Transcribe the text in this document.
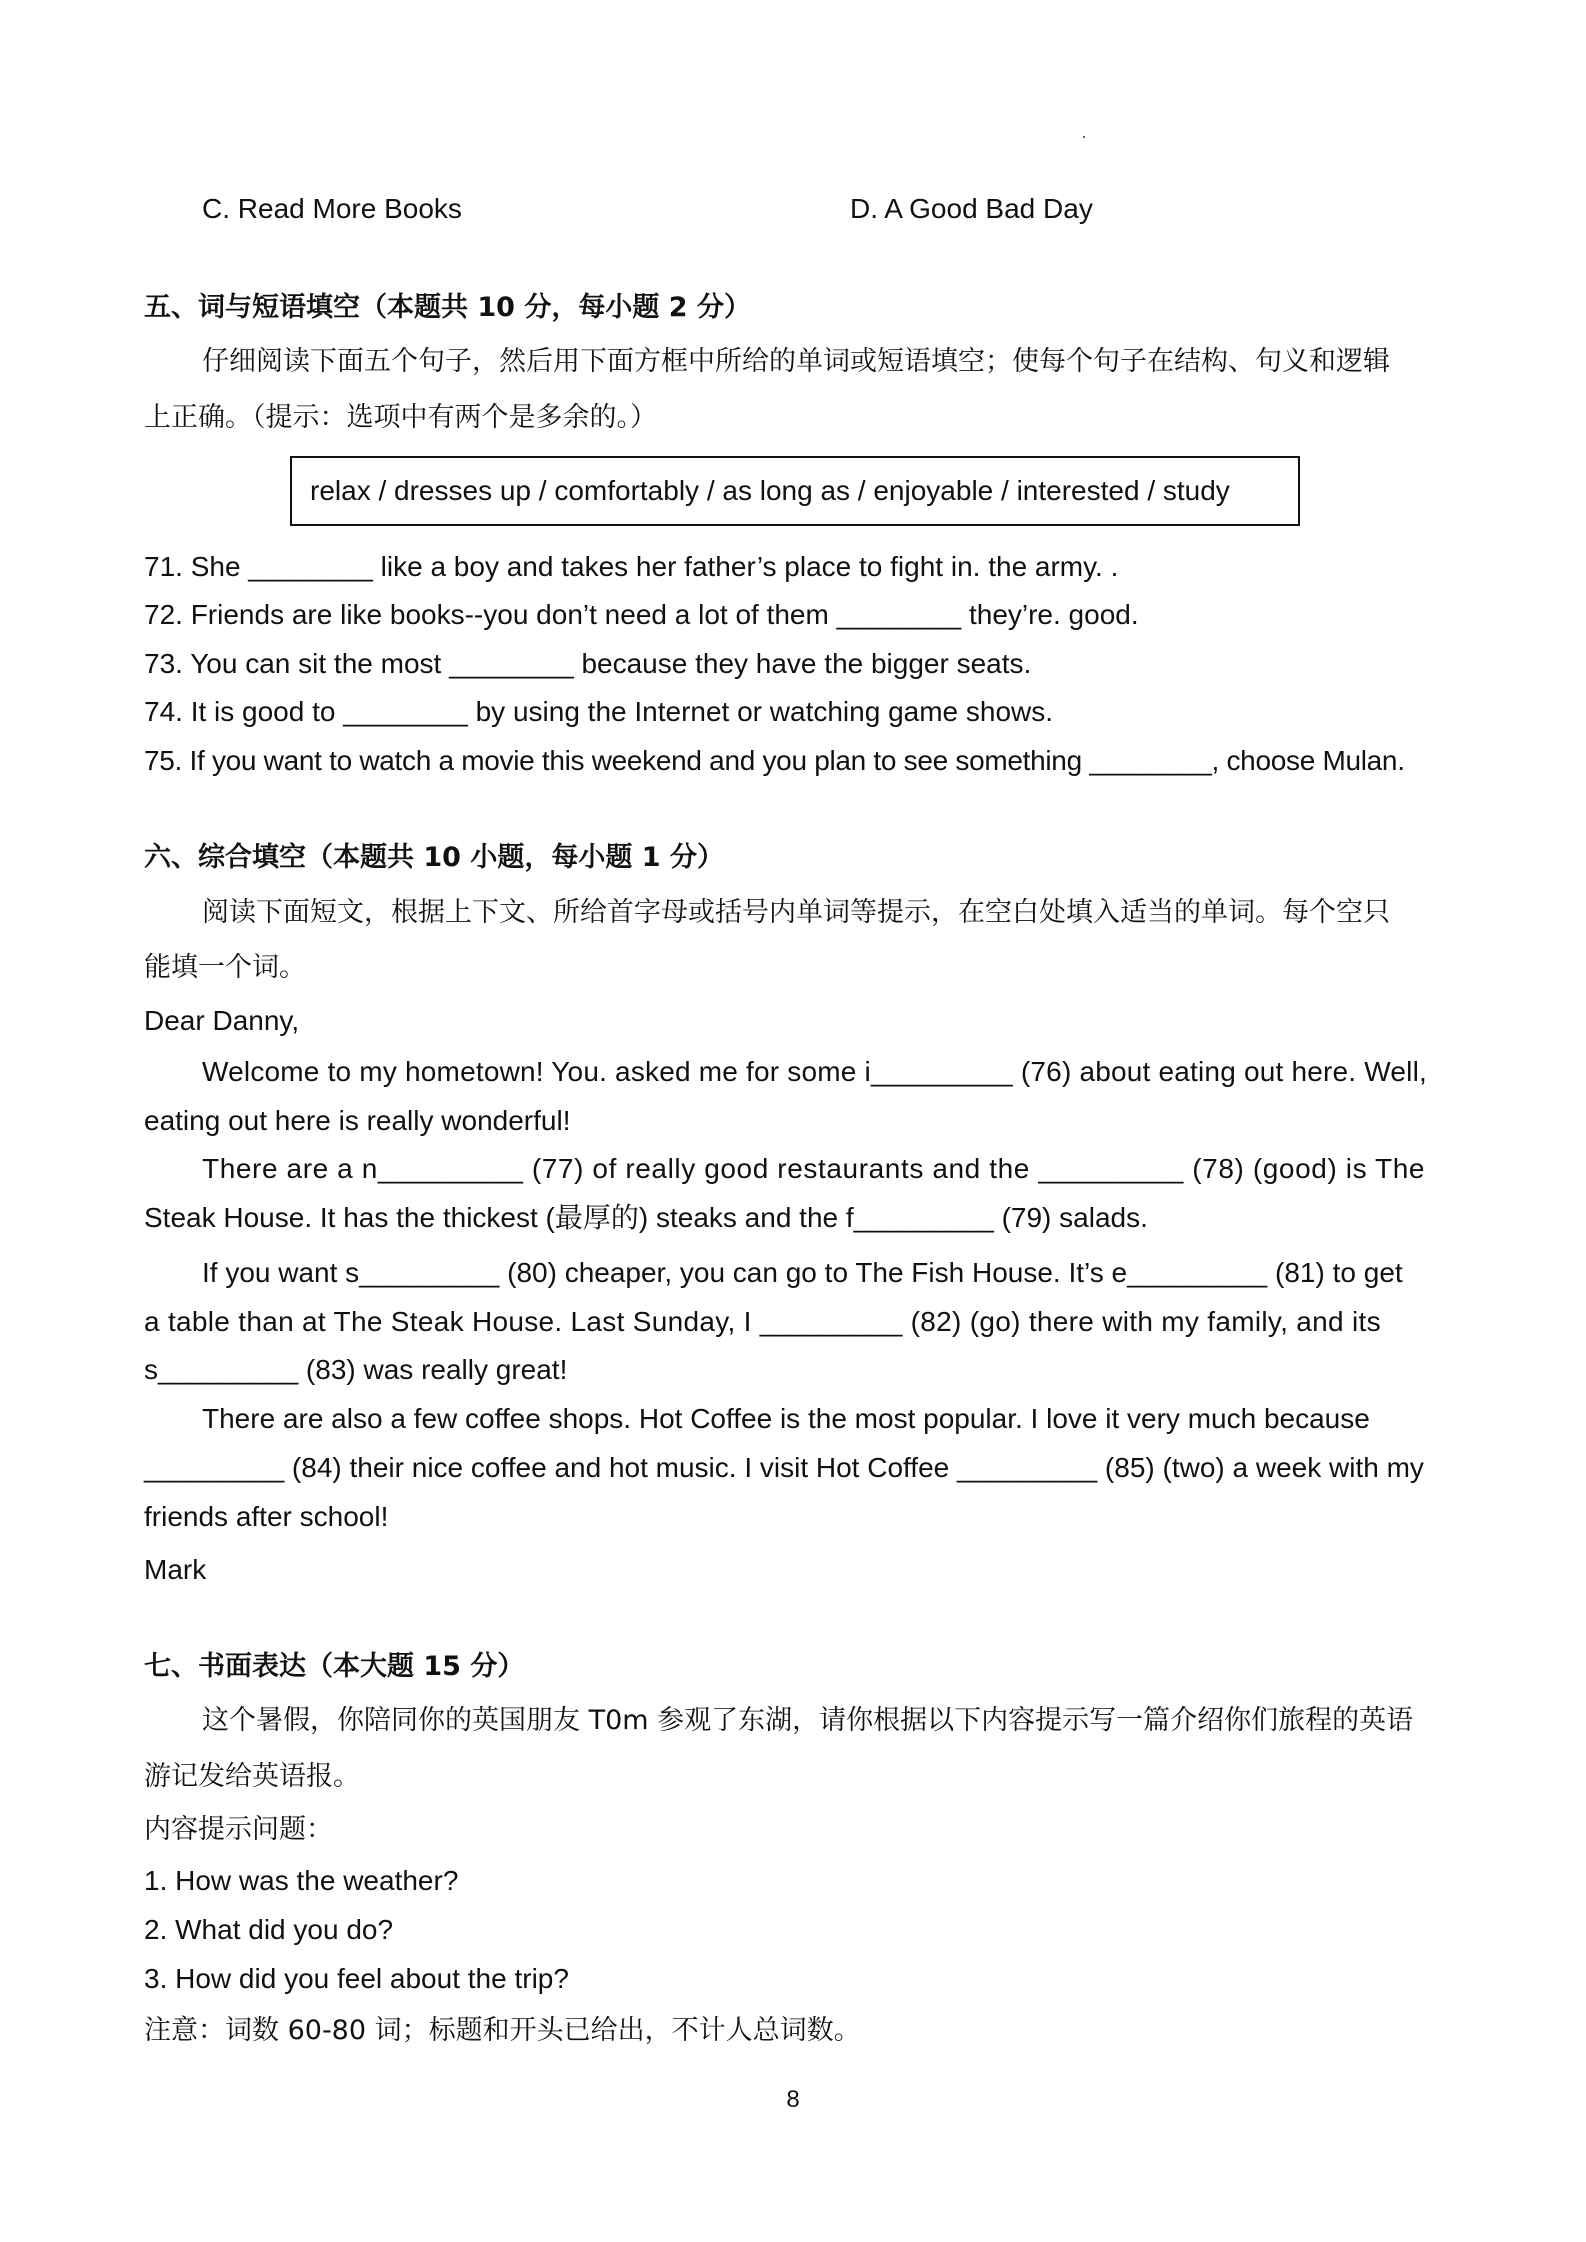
C. Read More Books	D. A Good Bad Day
五、词与短语填空（本题共 10 分，每小题 2 分）
仔细阅读下面五个句子，然后用下面方框中所给的单词或短语填空；使每个句子在结构、句义和逻辑
上正确。（提示：选项中有两个是多余的。）
relax / dresses up / comfortably / as long as / enjoyable / interested / study
71. She ________ like a boy and takes her father’s place to fight in. the army. .
72. Friends are like books--you don’t need a lot of them ________ they’re. good.
73. You can sit the most ________ because they have the bigger seats.
74. It is good to ________ by using the Internet or watching game shows.
75. If you want to watch a movie this weekend and you plan to see something ________, choose Mulan.
六、综合填空（本题共 10 小题，每小题 1 分）
阅读下面短文，根据上下文、所给首字母或括号内单词等提示，在空白处填入适当的单词。每个空只
能填一个词。
Dear Danny,
Welcome to my hometown! You. asked me for some i_________ (76) about eating out here. Well,
eating out here is really wonderful!
There are a n_________ (77) of really good restaurants and the _________ (78) (good) is The
Steak House. It has the thickest (最厚的) steaks and the f_________ (79) salads.
If you want s_________ (80) cheaper, you can go to The Fish House. It’s e_________ (81) to get
a table than at The Steak House. Last Sunday, I _________ (82) (go) there with my family, and its
s_________ (83) was really great!
There are also a few coffee shops. Hot Coffee is the most popular. I love it very much because
_________ (84) their nice coffee and hot music. I visit Hot Coffee _________ (85) (two) a week with my
friends after school!
Mark
七、书面表达（本大题 15 分）
这个暑假，你陪同你的英国朋友 T0m 参观了东湖，请你根据以下内容提示写一篇介绍你们旅程的英语
游记发给英语报。
内容提示问题：
1. How was the weather?
2. What did you do?
3. How did you feel about the trip?
注意：词数 60-80 词；标题和开头已给出，不计人总词数。
8
